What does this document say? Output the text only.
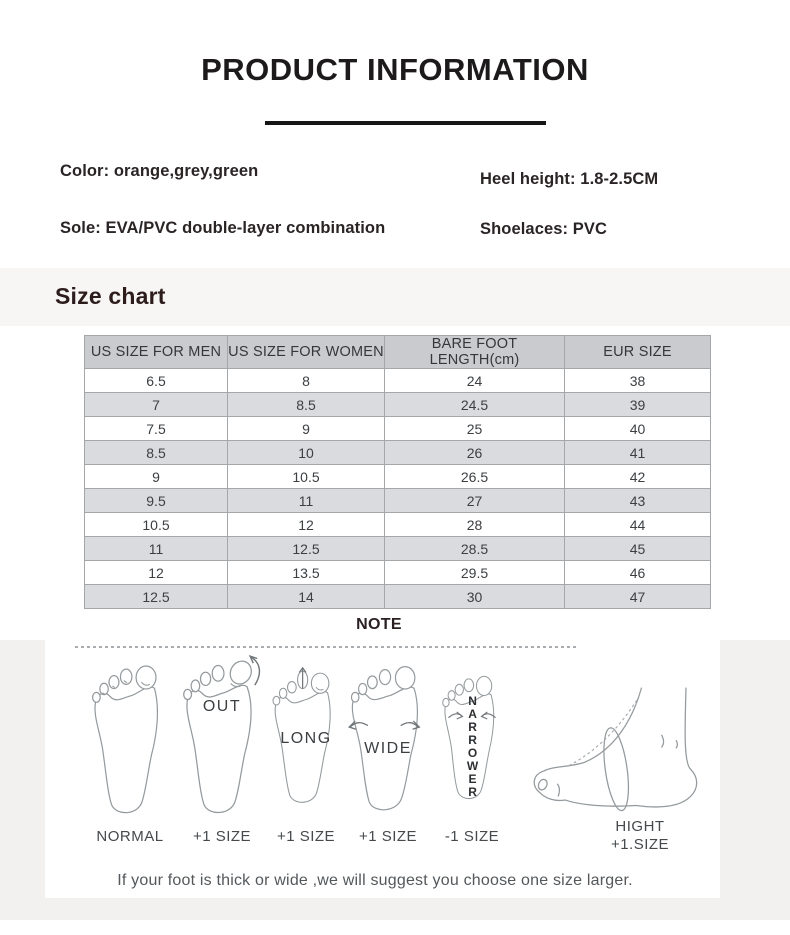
PRODUCT INFORMATION
Color: orange,grey,green	Heel height: 1.8-2.5CM
Sole: EVA/PVC double-layer combination	Shoelaces: PVC
Size chart
US SIZE FOR MEN	US SIZE FOR WOMEN	BARE FOOT LENGTH(cm)	EUR SIZE
6.5	8	24	38
7	8.5	24.5	39
7.5	9	25	40
8.5	10	26	41
9	10.5	26.5	42
9.5	11	27	43
10.5	12	28	44
11	12.5	28.5	45
12	13.5	29.5	46
12.5	14	30	47
NOTE
NORMAL
OUT
+1 SIZE
LONG
+1 SIZE
WIDE
+1 SIZE
NARROWER
-1 SIZE
HIGHT
+1.SIZE
If your foot is thick or wide ,we will suggest you choose one size larger.
